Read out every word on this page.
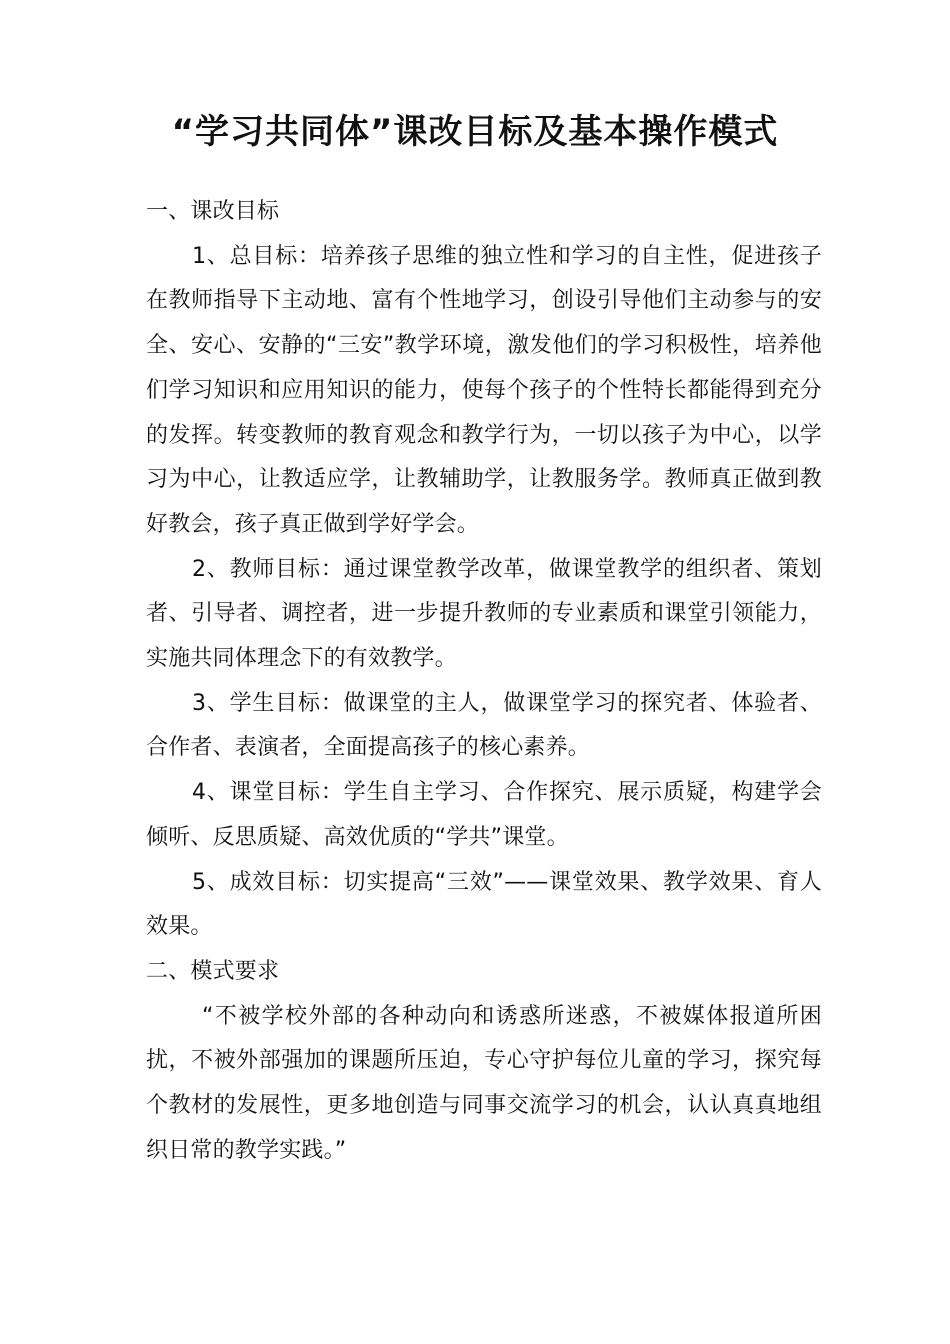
“学习共同体”课改目标及基本操作模式

一、课改目标

1、总目标：培养孩子思维的独立性和学习的自主性，促进孩子在教师指导下主动地、富有个性地学习，创设引导他们主动参与的安全、安心、安静的“三安”教学环境，激发他们的学习积极性，培养他们学习知识和应用知识的能力，使每个孩子的个性特长都能得到充分的发挥。转变教师的教育观念和教学行为，一切以孩子为中心，以学习为中心，让教适应学，让教辅助学，让教服务学。教师真正做到教好教会，孩子真正做到学好学会。

2、教师目标：通过课堂教学改革，做课堂教学的组织者、策划者、引导者、调控者，进一步提升教师的专业素质和课堂引领能力，实施共同体理念下的有效教学。

3、学生目标：做课堂的主人，做课堂学习的探究者、体验者、合作者、表演者，全面提高孩子的核心素养。

4、课堂目标：学生自主学习、合作探究、展示质疑，构建学会倾听、反思质疑、高效优质的“学共”课堂。

5、成效目标：切实提高“三效”——课堂效果、教学效果、育人效果。

二、模式要求

“不被学校外部的各种动向和诱惑所迷惑，不被媒体报道所困扰，不被外部强加的课题所压迫，专心守护每位儿童的学习，探究每个教材的发展性，更多地创造与同事交流学习的机会，认认真真地组织日常的教学实践。”
